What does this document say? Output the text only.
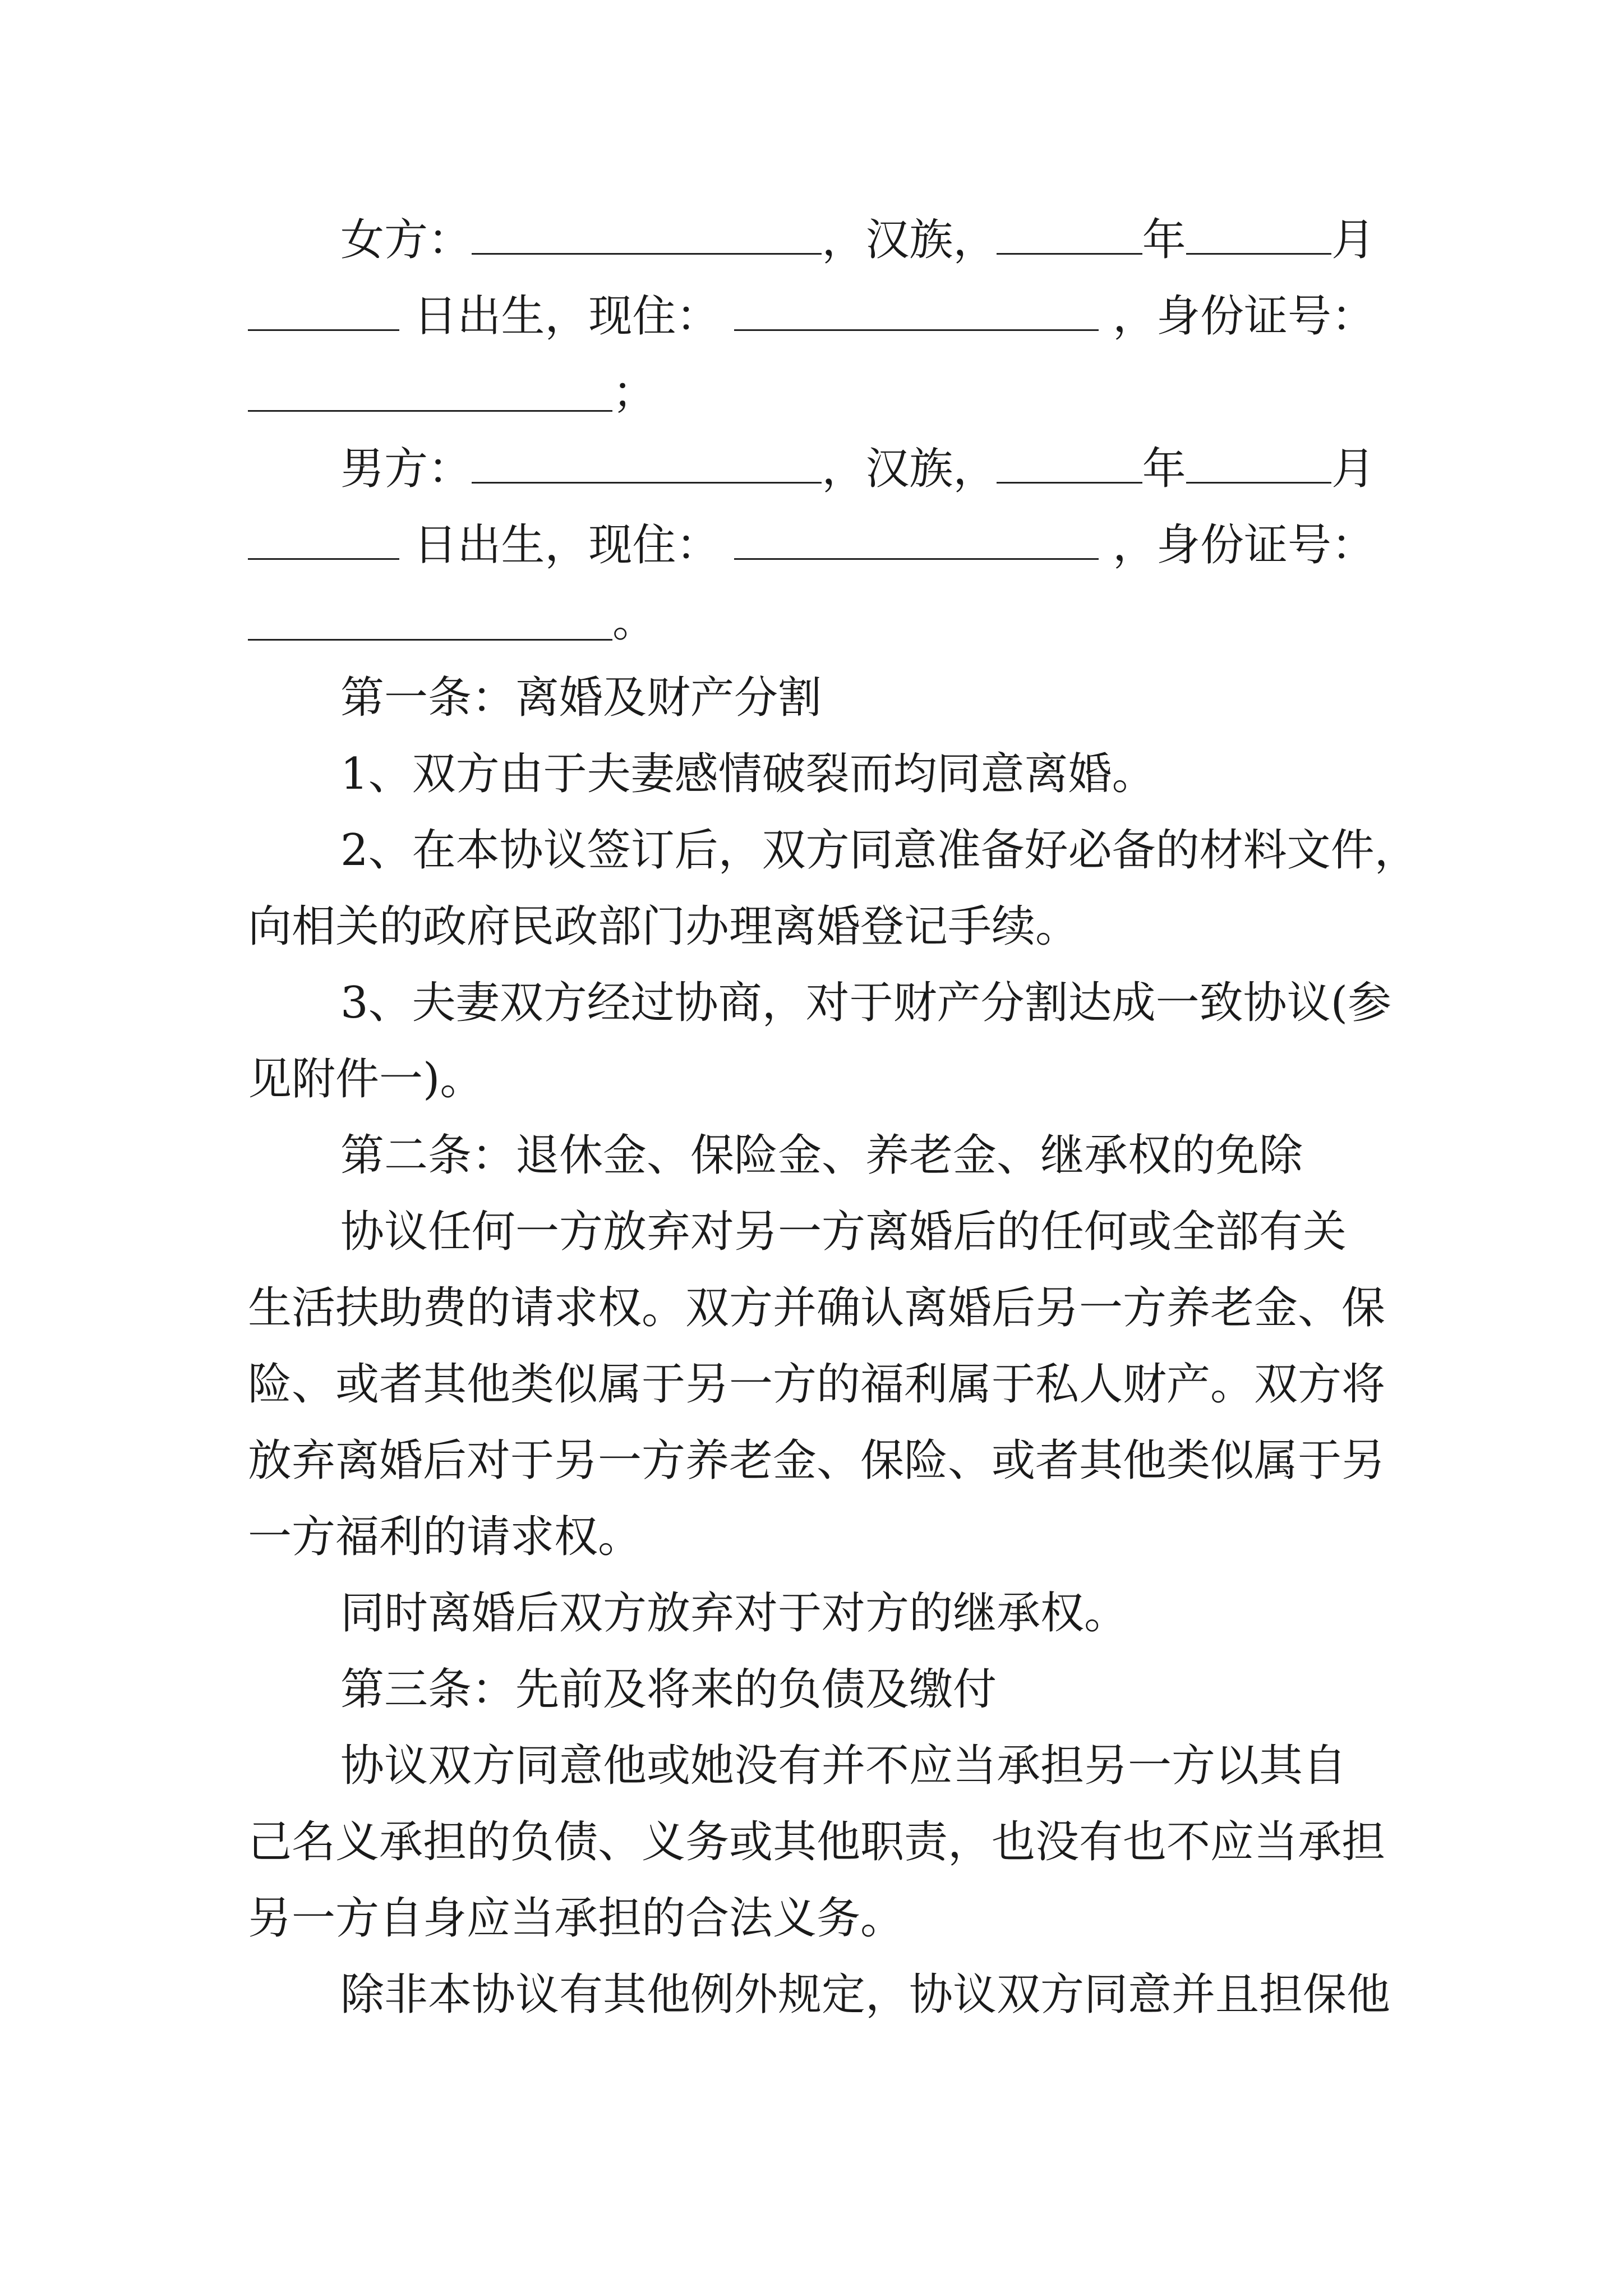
女方：	，汉族，	年	月
日出生，现住：	，身份证号：
；
男方：	，汉族，	年	月
日出生，现住：	，身份证号：
。
第一条：离婚及财产分割
1、双方由于夫妻感情破裂而均同意离婚。
2、在本协议签订后，双方同意准备好必备的材料文件，
向相关的政府民政部门办理离婚登记手续。
3、夫妻双方经过协商，对于财产分割达成一致协议(参
见附件一)。
第二条：退休金、保险金、养老金、继承权的免除
协议任何一方放弃对另一方离婚后的任何或全部有关
生活扶助费的请求权。双方并确认离婚后另一方养老金、保
险、或者其他类似属于另一方的福利属于私人财产。双方将
放弃离婚后对于另一方养老金、保险、或者其他类似属于另
一方福利的请求权。
同时离婚后双方放弃对于对方的继承权。
第三条：先前及将来的负债及缴付
协议双方同意他或她没有并不应当承担另一方以其自
己名义承担的负债、义务或其他职责，也没有也不应当承担
另一方自身应当承担的合法义务。
除非本协议有其他例外规定，协议双方同意并且担保他
